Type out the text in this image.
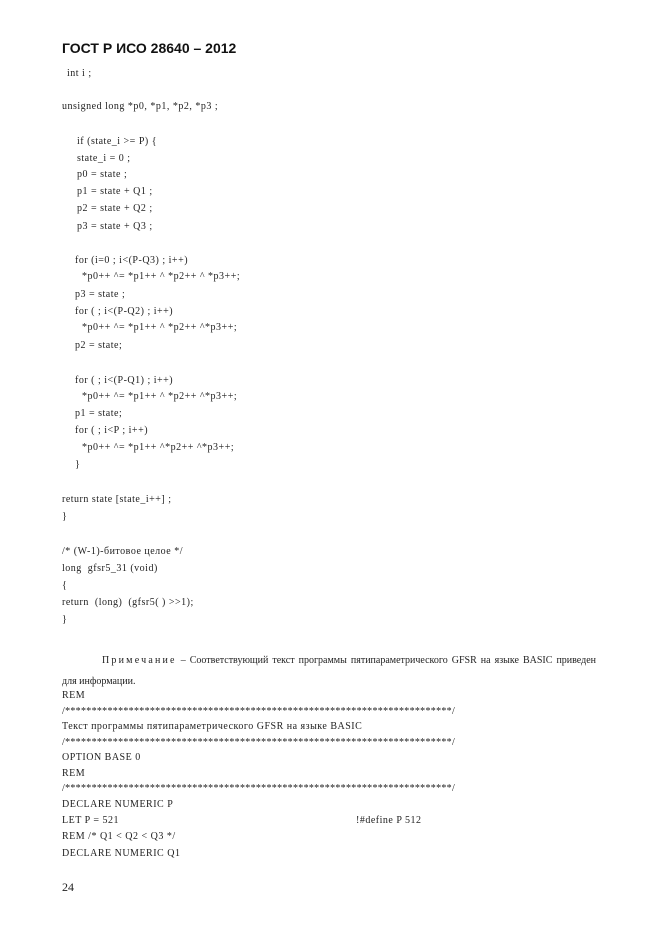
ГОСТ Р ИСО 28640 – 2012
int i ;
unsigned long *p0, *p1, *p2, *p3 ;
if (state_i >= P) {
state_i = 0 ;
p0 = state ;
p1 = state + Q1 ;
p2 = state + Q2 ;
p3 = state + Q3 ;
for (i=0 ; i<(P-Q3) ; i++)
*p0++ ^= *p1++ ^ *p2++ ^ *p3++;
p3 = state ;
for ( ; i<(P-Q2) ; i++)
*p0++ ^= *p1++ ^ *p2++ ^*p3++;
p2 = state;
for ( ; i<(P-Q1) ; i++)
*p0++ ^= *p1++ ^ *p2++ ^*p3++;
p1 = state;
for ( ; i<P ; i++)
*p0++ ^= *p1++ ^*p2++ ^*p3++;
}
return state [state_i++] ;
}
/* (W-1)-битовое целое */
long  gfsr5_31 (void)
{
return  (long)  (gfsr5( ) >>1);
}
Примечание – Соответствующий текст программы пятипараметрического GFSR на языке BASIC приведен для информации.
REM
/*************************************************************************/
Текст программы пятипараметрического GFSR на языке BASIC
/*************************************************************************/
OPTION BASE 0
REM
/*************************************************************************/
DECLARE NUMERIC P
LET P = 521	!#define P 512
REM /* Q1 < Q2 < Q3 */
DECLARE NUMERIC Q1
24
